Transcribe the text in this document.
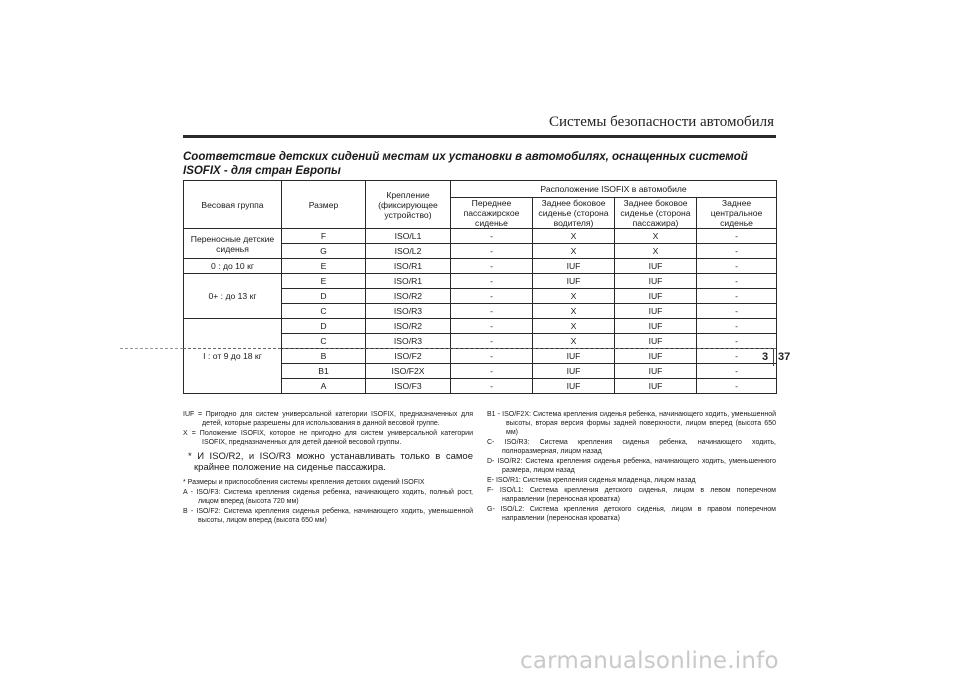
Системы безопасности автомобиля
Соответствие детских сидений местам их установки в автомобилях, оснащенных системой ISOFIX - для стран Европы
Весовая группа	Размер	Крепление (фиксирующее устройство)	Расположение ISOFIX в автомобиле			
			Переднее пассажирское сиденье	Заднее боковое сиденье (сторона водителя)	Заднее боковое сиденье (сторона пассажира)	Заднее центральное сиденье
Переносные детские сиденья	F	ISO/L1	-	X	X	-
	G	ISO/L2	-	X	X	-
0 : до 10 кг	E	ISO/R1	-	IUF	IUF	-
0+ : до 13 кг	E	ISO/R1	-	IUF	IUF	-
	D	ISO/R2	-	X	IUF	-
	C	ISO/R3	-	X	IUF	-
I : от 9 до 18 кг	D	ISO/R2	-	X	IUF	-
	C	ISO/R3	-	X	IUF	-
	B	ISO/F2	-	IUF	IUF	-
	B1	ISO/F2X	-	IUF	IUF	-
	A	ISO/F3	-	IUF	IUF	-

IUF = Пригодно для систем универсальной категории ISOFIX, предназначенных для детей, которые разрешены для использования в данной весовой группе.

X = Положение ISOFIX, которое не пригодно для систем универсальной категории ISOFIX, предназначенных для детей данной весовой группы.

* И ISO/R2, и ISO/R3 можно устанавливать только в самое крайнее положение на сиденье пассажира.

* Размеры и приспособления системы крепления детских сидений ISOFIX

A - ISO/F3: Система крепления сиденья ребенка, начинающего ходить, полный рост, лицом вперед (высота 720 мм)

B - ISO/F2: Система крепления сиденья ребенка, начинающего ходить, уменьшенной высоты, лицом вперед (высота 650 мм)

B1 - ISO/F2X: Система крепления сиденья ребенка, начинающего ходить, уменьшенной высоты, вторая версия формы задней поверхности, лицом вперед (высота 650 мм)

C- ISO/R3: Система крепления сиденья ребенка, начинающего ходить, полноразмерная, лицом назад

D- ISO/R2: Система крепления сиденья ребенка, начинающего ходить, уменьшенного размера, лицом назад

E- ISO/R1: Система крепления сиденья младенца, лицом назад

F- ISO/L1: Система крепления детского сиденья, лицом в левом поперечном направлении (переносная кроватка)

G- ISO/L2: Система крепления детского сиденья, лицом в правом поперечном направлении (переносная кроватка)

3 37
carmanualsonline.info
